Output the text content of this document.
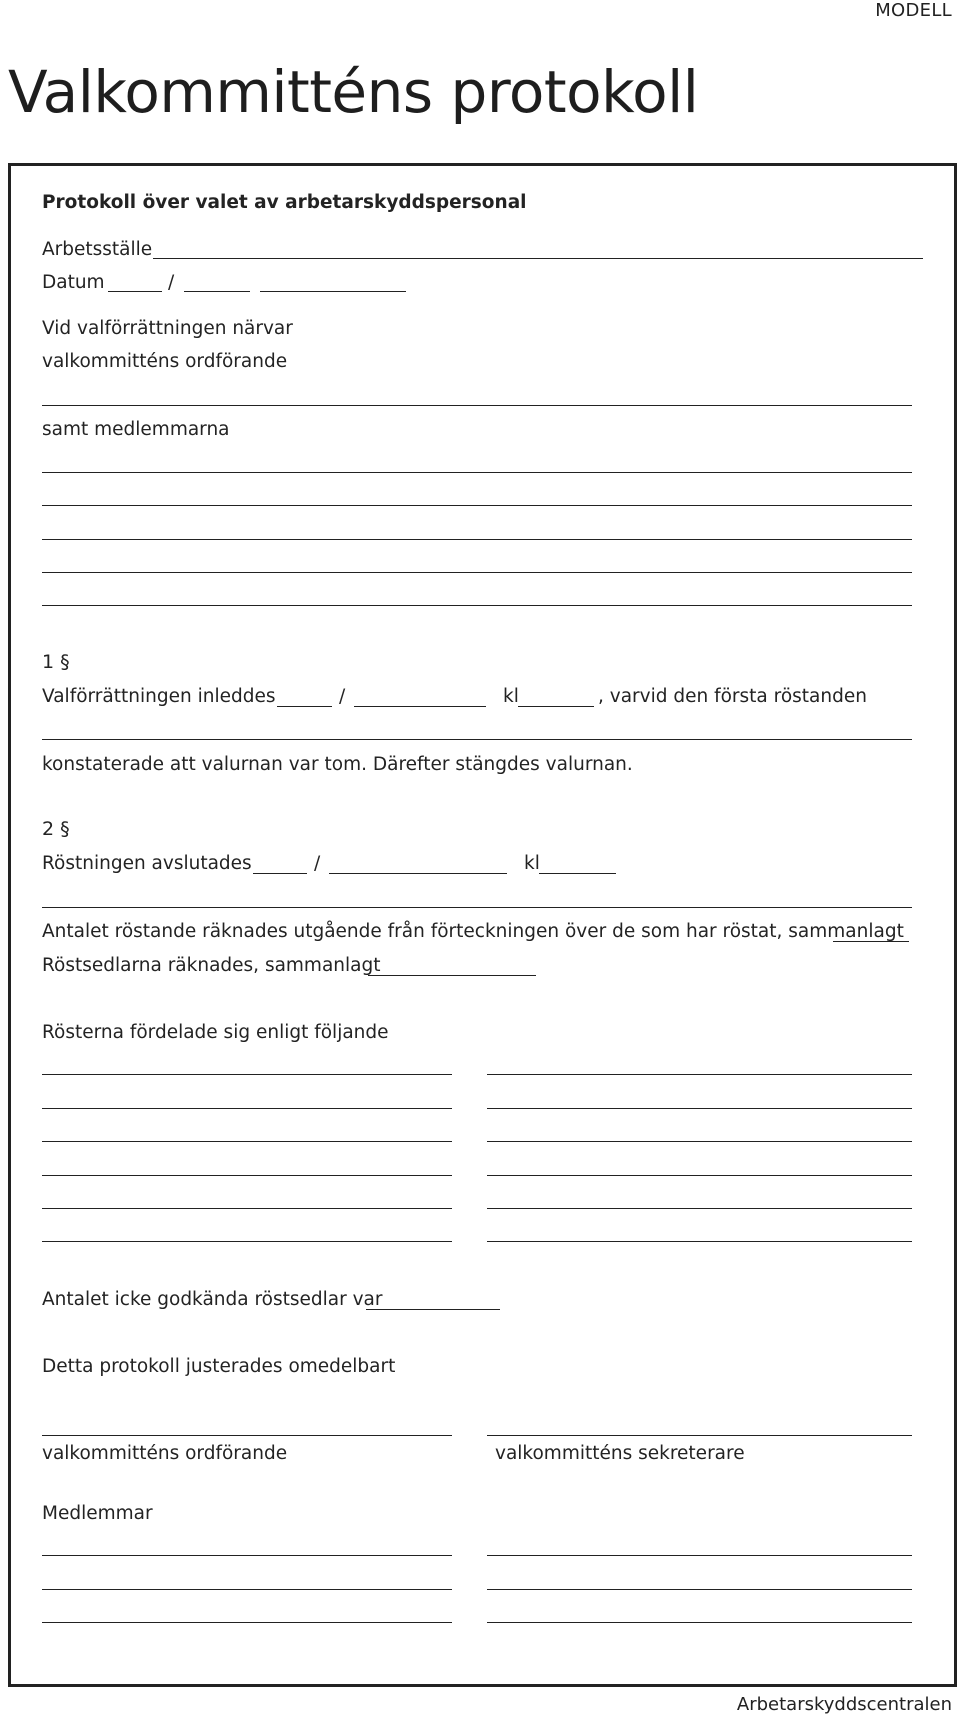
MODELL
Valkommitténs protokoll
Protokoll över valet av arbetarskyddspersonal
Arbetsställe
Datum	/
Vid valförrättningen närvar
valkommitténs ordförande
samt medlemmarna
1 §
Valförrättningen inleddes	/	kl	, varvid den första röstanden
konstaterade att valurnan var tom. Därefter stängdes valurnan.
2 §
Röstningen avslutades	/	kl
Antalet röstande räknades utgående från förteckningen över de som har röstat, sammanlagt
Röstsedlarna räknades, sammanlagt
Rösterna fördelade sig enligt följande
Antalet icke godkända röstsedlar var
Detta protokoll justerades omedelbart
valkommitténs ordförande	valkommitténs sekreterare
Medlemmar
Arbetarskyddscentralen
